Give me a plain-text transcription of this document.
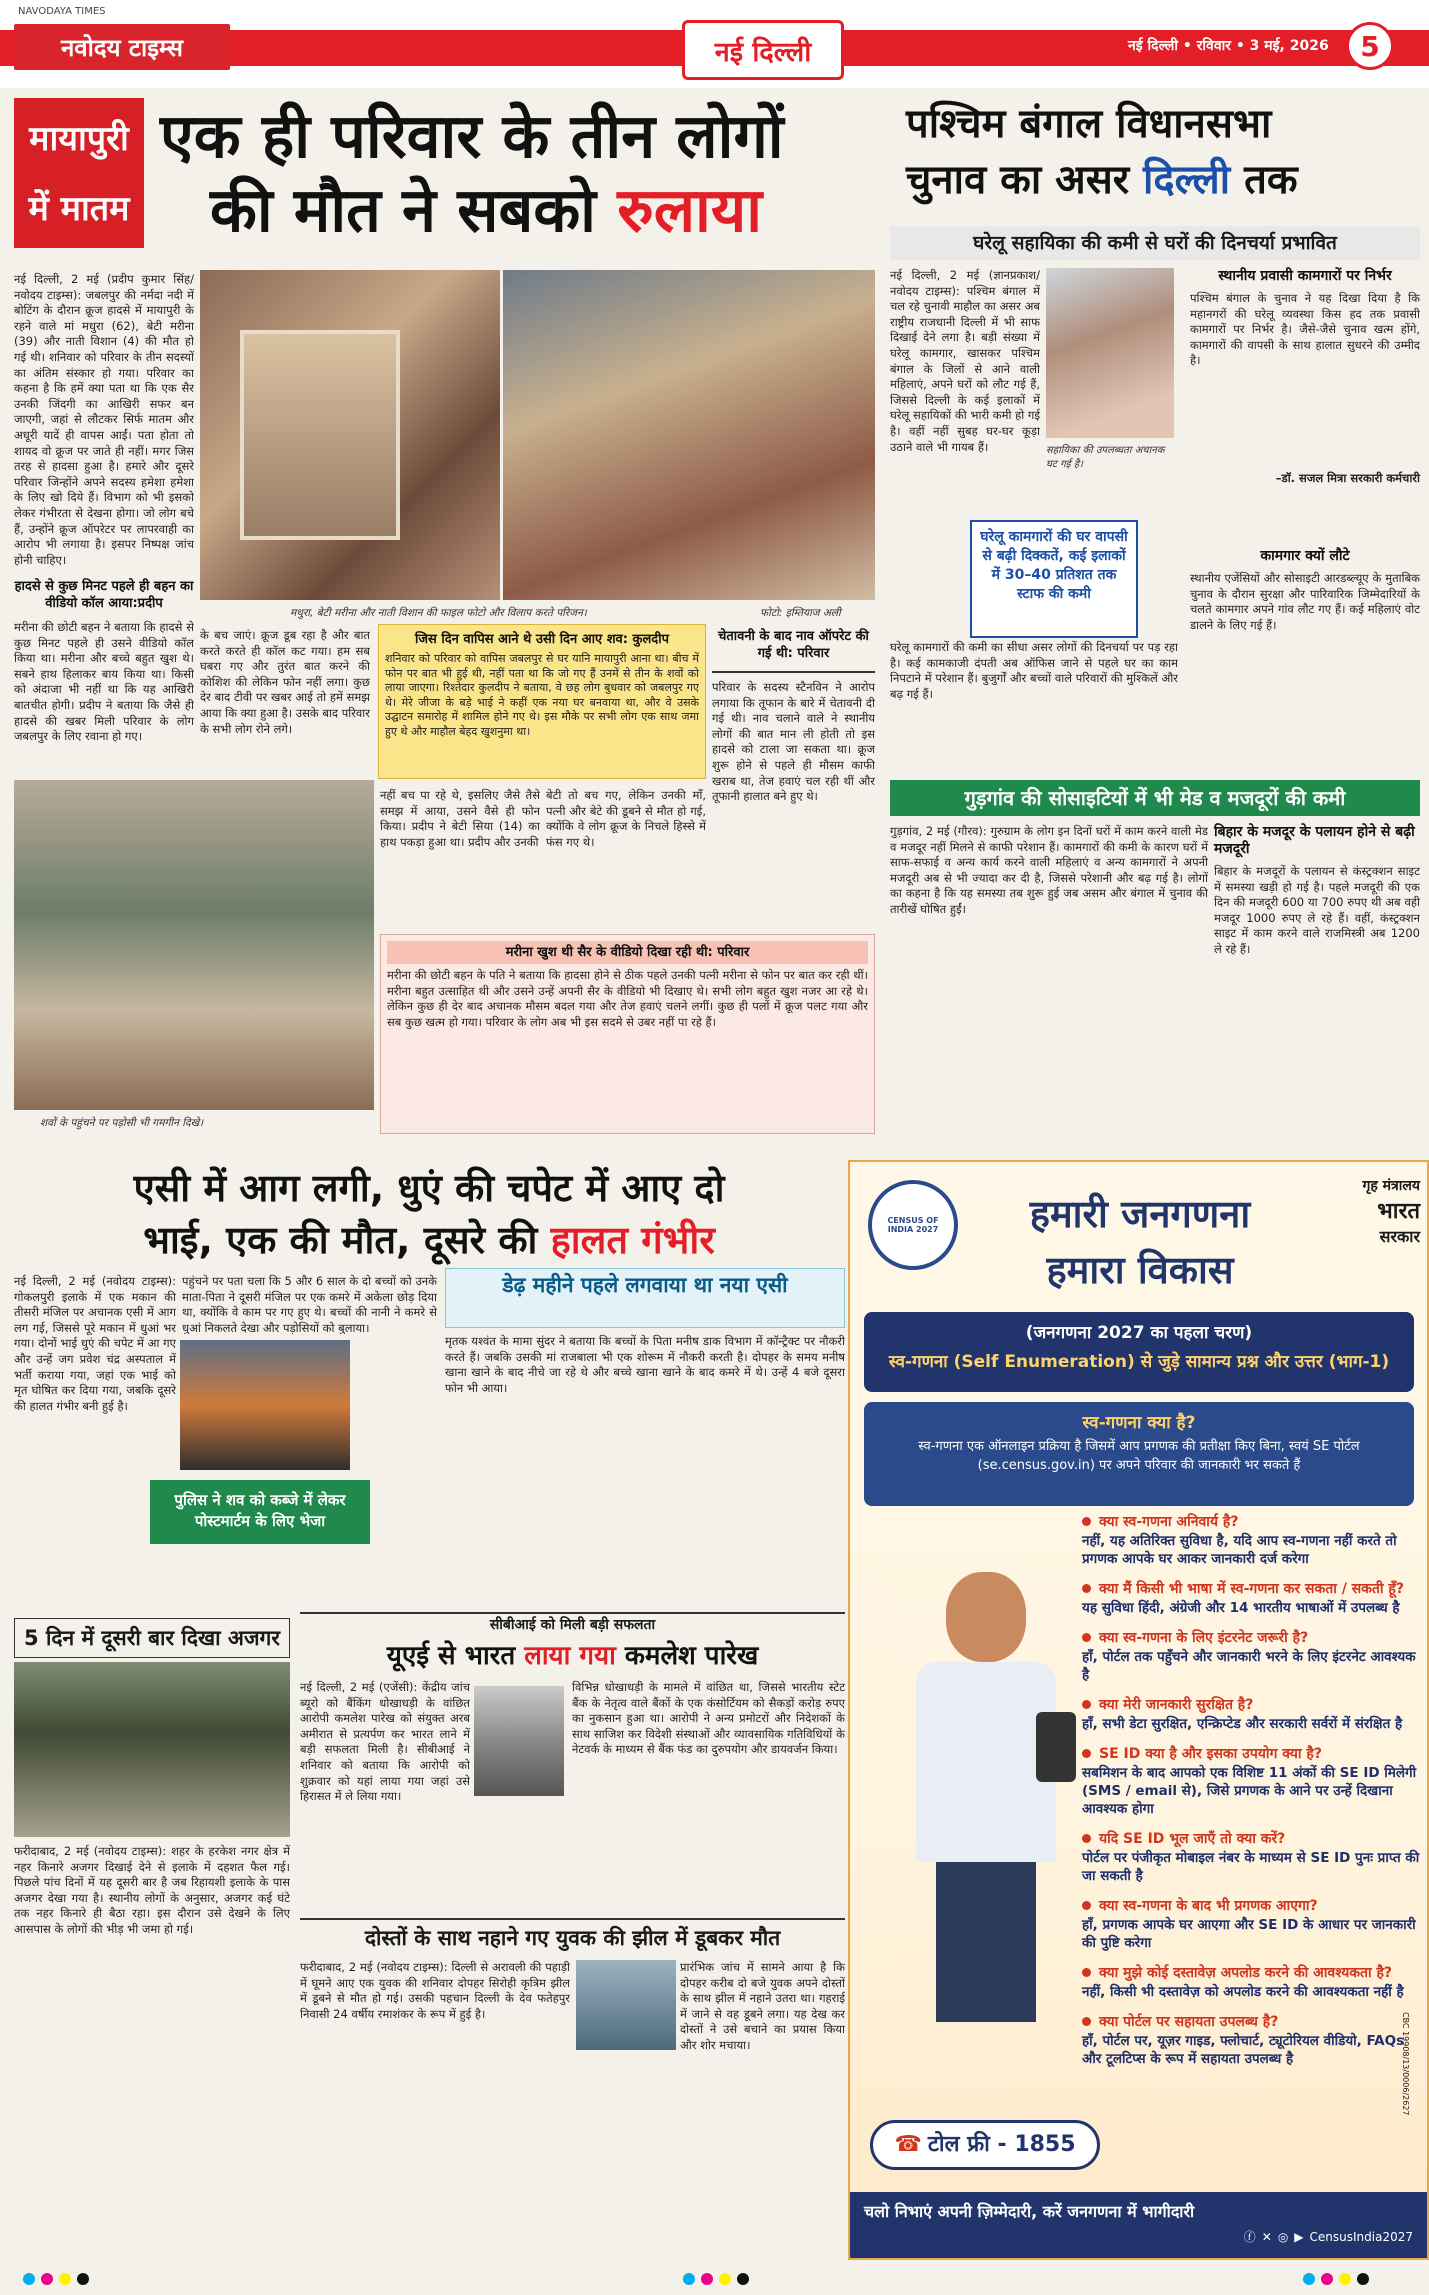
NAVODAYA TIMES
नवोदय टाइम्स	नई दिल्ली	नई दिल्ली • रविवार • 3 मई, 2026	5
मायापुरी में मातम
एक ही परिवार के तीन लोगों
की मौत ने सबको रुलाया
नई दिल्ली, 2 मई (प्रदीप कुमार सिंह/नवोदय टाइम्स): जबलपुर की नर्मदा नदी में बोटिंग के दौरान क्रूज हादसे में मायापुरी के रहने वाले मां मधुरा (62), बेटी मरीना (39) और नाती विशान (4) की मौत हो गई थी। शनिवार को परिवार के तीन सदस्यों का अंतिम संस्कार हो गया। परिवार का कहना है कि हमें क्या पता था कि एक सैर उनकी जिंदगी का आखिरी सफर बन जाएगी, जहां से लौटकर सिर्फ मातम और अधूरी यादें ही वापस आईं। पता होता तो शायद वो क्रूज पर जाते ही नहीं। मगर जिस तरह से हादसा हुआ है। हमारे और दूसरे परिवार जिन्होंने अपने सदस्य हमेशा हमेशा के लिए खो दिये हैं। विभाग को भी इसको लेकर गंभीरता से देखना होगा। जो लोग बचे हैं, उन्होंने क्रूज ऑपरेटर पर लापरवाही का आरोप भी लगाया है। इसपर निष्पक्ष जांच होनी चाहिए।
हादसे से कुछ मिनट पहले ही बहन का वीडियो कॉल आया:प्रदीप
मरीना की छोटी बहन ने बताया कि हादसे से कुछ मिनट पहले ही उसने वीडियो कॉल किया था। मरीना और बच्चे बहुत खुश थे। सबने हाथ हिलाकर बाय किया था। किसी को अंदाजा भी नहीं था कि यह आखिरी बातचीत होगी। प्रदीप ने बताया कि जैसे ही हादसे की खबर मिली परिवार के लोग जबलपुर के लिए रवाना हो गए।
मथुरा, बेटी मरीना और नाती विशान की फाइल फोटो और विलाप करते परिजन।	फोटो: इम्तियाज अली
के बच जाएं। क्रूज डूब रहा है और बात करते करते ही कॉल कट गया। हम सब घबरा गए और तुरंत बात करने की कोशिश की लेकिन फोन नहीं लगा। कुछ देर बाद टीवी पर खबर आई तो हमें समझ आया कि क्या हुआ है। उसके बाद परिवार के सभी लोग रोने लगे।
जिस दिन वापिस आने थे उसी दिन आए शव: कुलदीप
शनिवार को परिवार को वापिस जबलपुर से घर यानि मायापुरी आना था। बीच में फोन पर बात भी हुई थी, नहीं पता था कि जो गए हैं उनमें से तीन के शवों को लाया जाएगा। रिश्तेदार कुलदीप ने बताया, वे छह लोग बुधवार को जबलपुर गए थे। मेरे जीजा के बड़े भाई ने कहीं एक नया घर बनवाया था, और वे उसके उद्घाटन समारोह में शामिल होने गए थे। इस मौके पर सभी लोग एक साथ जमा हुए थे और माहौल बेहद खुशनुमा था।
चेतावनी के बाद नाव ऑपरेट की गई थी: परिवार
परिवार के सदस्य स्टैनविन ने आरोप लगाया कि तूफान के बारे में चेतावनी दी गई थी। नाव चलाने वाले ने स्थानीय लोगों की बात मान ली होती तो इस हादसे को टाला जा सकता था। क्रूज शुरू होने से पहले ही मौसम काफी खराब था, तेज हवाएं चल रही थीं और तूफानी हालात बने हुए थे।
नहीं बच पा रहे थे, इसलिए जैसे तैसे समझ में आया, उसने वैसे ही फोन किया। प्रदीप ने बेटी सिया (14) का हाथ पकड़ा हुआ था। प्रदीप और उनकी
बेटी तो बच गए, लेकिन उनकी माँ, पत्नी और बेटे की डूबने से मौत हो गई, क्योंकि वे लोग क्रूज के निचले हिस्से में फंस गए थे।
शवों के पहुंचने पर पड़ोसी भी गमगीन दिखे।
मरीना खुश थी सैर के वीडियो दिखा रही थी: परिवार
मरीना की छोटी बहन के पति ने बताया कि हादसा होने से ठीक पहले उनकी पत्नी मरीना से फोन पर बात कर रही थीं। मरीना बहुत उत्साहित थी और उसने उन्हें अपनी सैर के वीडियो भी दिखाए थे। सभी लोग बहुत खुश नजर आ रहे थे। लेकिन कुछ ही देर बाद अचानक मौसम बदल गया और तेज हवाएं चलने लगीं। कुछ ही पलों में क्रूज पलट गया और सब कुछ खत्म हो गया। परिवार के लोग अब भी इस सदमे से उबर नहीं पा रहे हैं।
पश्चिम बंगाल विधानसभा
चुनाव का असर दिल्ली तक
घरेलू सहायिका की कमी से घरों की दिनचर्या प्रभावित
नई दिल्ली, 2 मई (ज्ञानप्रकाश/नवोदय टाइम्स): पश्चिम बंगाल में चल रहे चुनावी माहौल का असर अब राष्ट्रीय राजधानी दिल्ली में भी साफ दिखाई देने लगा है। बड़ी संख्या में घरेलू कामगार, खासकर पश्चिम बंगाल के जिलों से आने वाली महिलाएं, अपने घरों को लौट गई हैं, जिससे दिल्ली के कई इलाकों में घरेलू सहायिकों की भारी कमी हो गई है। वहीं नहीं सुबह घर-घर कूड़ा उठाने वाले भी गायब हैं।	सहायिका की उपलब्धता अचानक घट गई है।
घरेलू कामगारों की घर वापसी से बढ़ी दिक्कतें, कई इलाकों में 30–40 प्रतिशत तक स्टाफ की कमी
घरेलू कामगारों की कमी का सीधा असर लोगों की दिनचर्या पर पड़ रहा है। कई कामकाजी दंपती अब ऑफिस जाने से पहले घर का काम निपटाने में परेशान हैं। बुजुर्गों और बच्चों वाले परिवारों की मुश्किलें और बढ़ गई हैं।
स्थानीय प्रवासी कामगारों पर निर्भर
पश्चिम बंगाल के चुनाव ने यह दिखा दिया है कि महानगरों की घरेलू व्यवस्था किस हद तक प्रवासी कामगारों पर निर्भर है। जैसे-जैसे चुनाव खत्म होंगे, कामगारों की वापसी के साथ हालात सुधरने की उम्मीद है।
–डॉ. सजल मित्रा सरकारी कर्मचारी
कामगार क्यों लौटे
स्थानीय एजेंसियों और सोसाइटी आरडब्ल्यूए के मुताबिक चुनाव के दौरान सुरक्षा और पारिवारिक जिम्मेदारियों के चलते कामगार अपने गांव लौट गए हैं। कई महिलाएं वोट डालने के लिए गई हैं।
गुड़गांव की सोसाइटियों में भी मेड व मजदूरों की कमी
गुड़गांव, 2 मई (गौरव): गुरुग्राम के लोग इन दिनों घरों में काम करने वाली मेड व मजदूर नहीं मिलने से काफी परेशान हैं। कामगारों की कमी के कारण घरों में साफ-सफाई व अन्य कार्य करने वाली महिलाएं व अन्य कामगारों ने अपनी मजदूरी अब से भी ज्यादा कर दी है, जिससे परेशानी और बढ़ गई है। लोगों का कहना है कि यह समस्या तब शुरू हुई जब असम और बंगाल में चुनाव की तारीखें घोषित हुईं।
बिहार के मजदूर के पलायन होने से बढ़ी मजदूरी
बिहार के मजदूरों के पलायन से कंस्ट्रक्शन साइट में समस्या खड़ी हो गई है। पहले मजदूरी की एक दिन की मजदूरी 600 या 700 रुपए थी अब वही मजदूर 1000 रुपए ले रहे हैं। वहीं, कंस्ट्रक्शन साइट में काम करने वाले राजमिस्त्री अब 1200 ले रहे हैं।
एसी में आग लगी, धुएं की चपेट में आए दो
भाई, एक की मौत, दूसरे की हालत गंभीर
नई दिल्ली, 2 मई (नवोदय टाइम्स): गोकलपुरी इलाके में एक मकान की तीसरी मंजिल पर अचानक एसी में आग लग गई, जिससे पूरे मकान में धुआं भर गया। दोनों भाई धुएं की चपेट में आ गए और उन्हें जग प्रवेश चंद्र अस्पताल में भर्ती कराया गया, जहां एक भाई को मृत घोषित कर दिया गया, जबकि दूसरे की हालत गंभीर बनी हुई है।
पुलिस ने शव को कब्जे में लेकर पोस्टमार्टम के लिए भेजा
पहुंचने पर पता चला कि 5 और 6 साल के दो बच्चों को उनके माता-पिता ने दूसरी मंजिल पर एक कमरे में अकेला छोड़ दिया था, क्योंकि वे काम पर गए हुए थे। बच्चों की नानी ने कमरे से धुआं निकलते देखा और पड़ोसियों को बुलाया।
डेढ़ महीने पहले लगवाया था नया एसी
मृतक यश्वंत के मामा सुंदर ने बताया कि बच्चों के पिता मनीष डाक विभाग में कॉन्ट्रैक्ट पर नौकरी करते हैं। जबकि उसकी मां राजबाला भी एक शोरूम में नौकरी करती है। दोपहर के समय मनीष खाना खाने के बाद नीचे जा रहे थे और बच्चे खाना खाने के बाद कमरे में थे। उन्हें 4 बजे दूसरा फोन भी आया।
5 दिन में दूसरी बार दिखा अजगर
फरीदाबाद, 2 मई (नवोदय टाइम्स): शहर के हरकेश नगर क्षेत्र में नहर किनारे अजगर दिखाई देने से इलाके में दहशत फैल गई। पिछले पांच दिनों में यह दूसरी बार है जब रिहायशी इलाके के पास अजगर देखा गया है। स्थानीय लोगों के अनुसार, अजगर कई घंटे तक नहर किनारे ही बैठा रहा। इस दौरान उसे देखने के लिए आसपास के लोगों की भीड़ भी जमा हो गई।
सीबीआई को मिली बड़ी सफलता
यूएई से भारत लाया गया कमलेश पारेख
नई दिल्ली, 2 मई (एजेंसी): केंद्रीय जांच ब्यूरो को बैंकिंग धोखाधड़ी के वांछित आरोपी कमलेश पारेख को संयुक्त अरब अमीरात से प्रत्यर्पण कर भारत लाने में बड़ी सफलता मिली है। सीबीआई ने शनिवार को बताया कि आरोपी को शुक्रवार को यहां लाया गया जहां उसे हिरासत में ले लिया गया।
विभिन्न धोखाधड़ी के मामले में वांछित था, जिससे भारतीय स्टेट बैंक के नेतृत्व वाले बैंकों के एक कंसोर्टियम को सैकड़ों करोड़ रुपए का नुकसान हुआ था। आरोपी ने अन्य प्रमोटरों और निदेशकों के साथ साजिश कर विदेशी संस्थाओं और व्यावसायिक गतिविधियों के नेटवर्क के माध्यम से बैंक फंड का दुरुपयोग और डायवर्जन किया।
दोस्तों के साथ नहाने गए युवक की झील में डूबकर मौत
फरीदाबाद, 2 मई (नवोदय टाइम्स): दिल्ली से अरावली की पहाड़ी में घूमने आए एक युवक की शनिवार दोपहर सिरोही कृत्रिम झील में डूबने से मौत हो गई। उसकी पहचान दिल्ली के देव फतेहपुर निवासी 24 वर्षीय रमाशंकर के रूप में हुई है।
प्रारंभिक जांच में सामने आया है कि दोपहर करीब दो बजे युवक अपने दोस्तों के साथ झील में नहाने उतरा था। गहराई में जाने से वह डूबने लगा। यह देख कर दोस्तों ने उसे बचाने का प्रयास किया और शोर मचाया।
CENSUS OF INDIA 2027
गृह मंत्रालय
भारत
सरकार
हमारी जनगणना
हमारा विकास
(जनगणना 2027 का पहला चरण)
स्व-गणना (Self Enumeration) से जुड़े सामान्य प्रश्न और उत्तर (भाग-1)
स्व-गणना क्या है?
स्व-गणना एक ऑनलाइन प्रक्रिया है जिसमें आप प्रगणक की प्रतीक्षा किए बिना, स्वयं SE पोर्टल (se.census.gov.in) पर अपने परिवार की जानकारी भर सकते हैं
क्या स्व-गणना अनिवार्य है?
नहीं, यह अतिरिक्त सुविधा है, यदि आप स्व-गणना नहीं करते तो प्रगणक आपके घर आकर जानकारी दर्ज करेगा
क्या मैं किसी भी भाषा में स्व-गणना कर सकता / सकती हूँ?
यह सुविधा हिंदी, अंग्रेजी और 14 भारतीय भाषाओं में उपलब्ध है
क्या स्व-गणना के लिए इंटरनेट जरूरी है?
हाँ, पोर्टल तक पहुँचने और जानकारी भरने के लिए इंटरनेट आवश्यक है
क्या मेरी जानकारी सुरक्षित है?
हाँ, सभी डेटा सुरक्षित, एन्क्रिप्टेड और सरकारी सर्वरों में संरक्षित है
SE ID क्या है और इसका उपयोग क्या है?
सबमिशन के बाद आपको एक विशिष्ट 11 अंकों की SE ID मिलेगी (SMS / email से), जिसे प्रगणक के आने पर उन्हें दिखाना आवश्यक होगा
यदि SE ID भूल जाएँ तो क्या करें?
पोर्टल पर पंजीकृत मोबाइल नंबर के माध्यम से SE ID पुनः प्राप्त की जा सकती है
क्या स्व-गणना के बाद भी प्रगणक आएगा?
हाँ, प्रगणक आपके घर आएगा और SE ID के आधार पर जानकारी की पुष्टि करेगा
क्या मुझे कोई दस्तावेज़ अपलोड करने की आवश्यकता है?
नहीं, किसी भी दस्तावेज़ को अपलोड करने की आवश्यकता नहीं है
क्या पोर्टल पर सहायता उपलब्ध है?
हाँ, पोर्टल पर, यूज़र गाइड, फ्लोचार्ट, ट्यूटोरियल वीडियो, FAQs और टूलटिप्स के रूप में सहायता उपलब्ध है
☎ टोल फ्री - 1855
चलो निभाएं अपनी ज़िम्मेदारी, करें जनगणना में भागीदारी
ⓕ ✕ ◎ ▶ CensusIndia2027
CBC 19908/13/0006/2627
